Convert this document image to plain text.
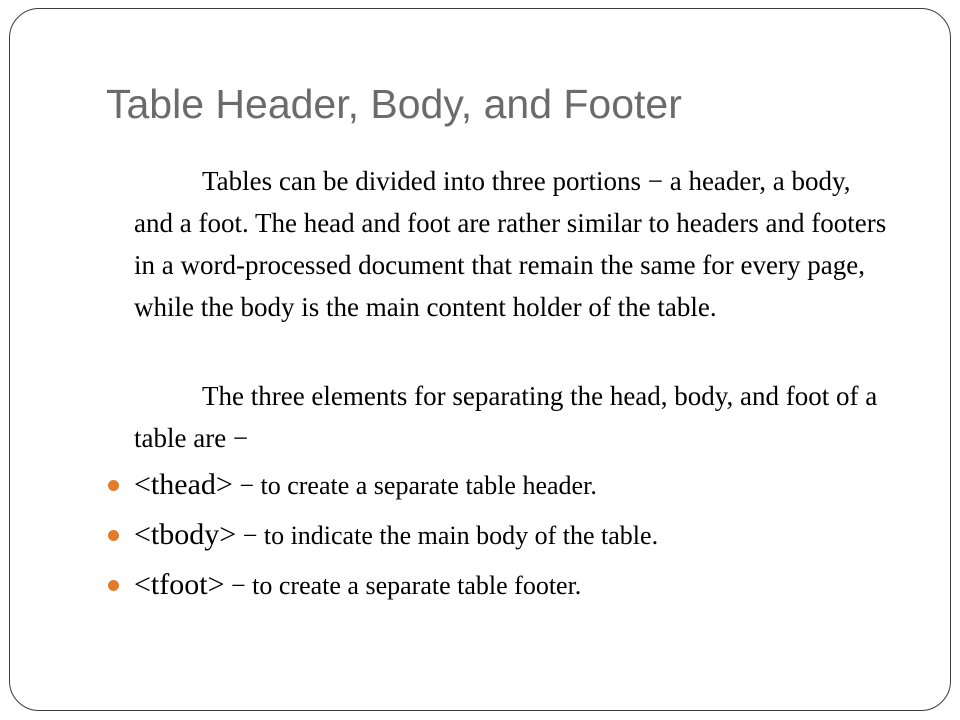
Table Header, Body, and Footer

Tables can be divided into three portions − a header, a body, and a foot. The head and foot are rather similar to headers and footers in a word-processed document that remain the same for every page, while the body is the main content holder of the table.

The three elements for separating the head, body, and foot of a table are −

<thead> − to create a separate table header.
<tbody> − to indicate the main body of the table.
<tfoot> − to create a separate table footer.
